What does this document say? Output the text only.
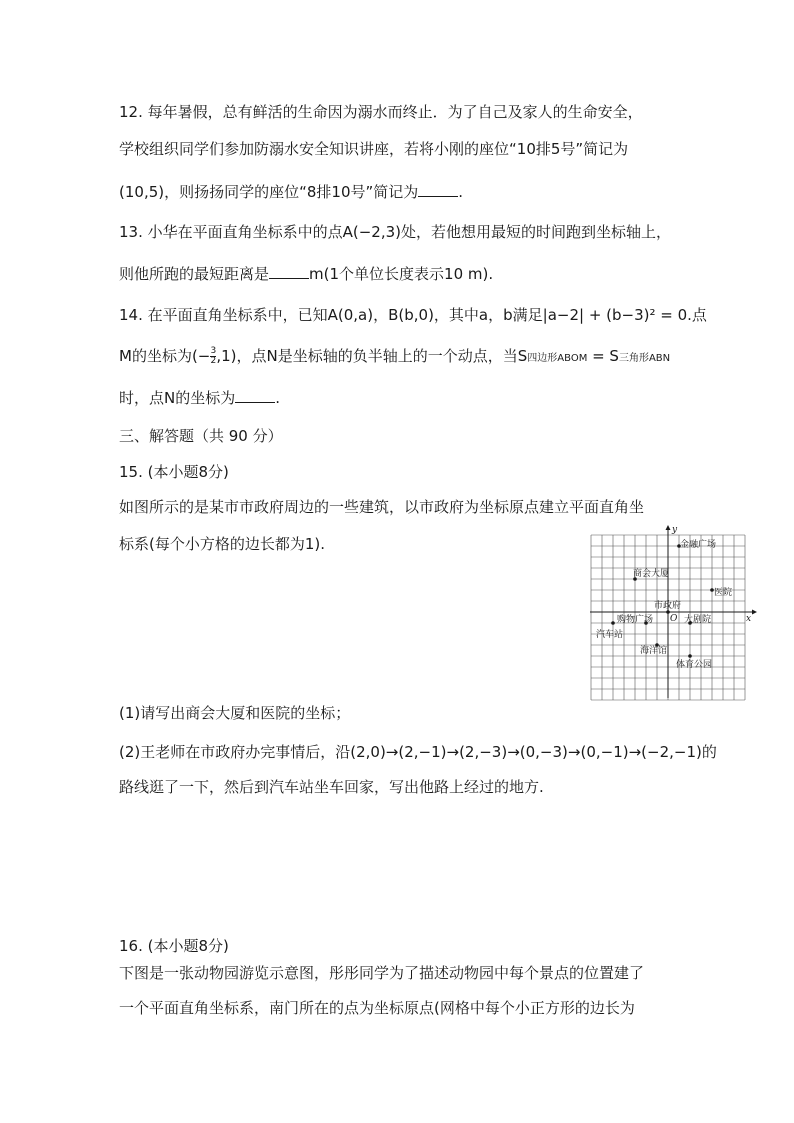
12. 每年暑假，总有鲜活的生命因为溺水而终止．为了自己及家人的生命安全，
学校组织同学们参加防溺水安全知识讲座，若将小刚的座位“10排5号”简记为
(10,5)，则扬扬同学的座位“8排10号”简记为	.
13. 小华在平面直角坐标系中的点A(−2,3)处，若他想用最短的时间跑到坐标轴上，
则他所跑的最短距离是	m(1个单位长度表示10 m).
14. 在平面直角坐标系中，已知A(0,a)，B(b,0)，其中a，b满足|a−2| + (b−3)² = 0.点
M的坐标为(− $\frac{3}{2} ,1$)，点N是坐标轴的负半轴上的一个动点，当S四边形ABOM = S三角形ABN
时，点N的坐标为	.
三、解答题（共 90 分）
15. (本小题8分)
如图所示的是某市市政府周边的一些建筑，以市政府为坐标原点建立平面直角坐
标系(每个小方格的边长都为1).
x
y
O
金融广场
商会大厦
医院
市政府
购物广场	大剧院
汽车站
海洋馆
体育公园
(1)请写出商会大厦和医院的坐标；
(2)王老师在市政府办完事情后，沿(2,0)→(2,−1)→(2,−3)→(0,−3)→(0,−1)→(−2,−1)的
路线逛了一下，然后到汽车站坐车回家，写出他路上经过的地方.
16. (本小题8分)
下图是一张动物园游览示意图，彤彤同学为了描述动物园中每个景点的位置建了
一个平面直角坐标系，南门所在的点为坐标原点(网格中每个小正方形的边长为
